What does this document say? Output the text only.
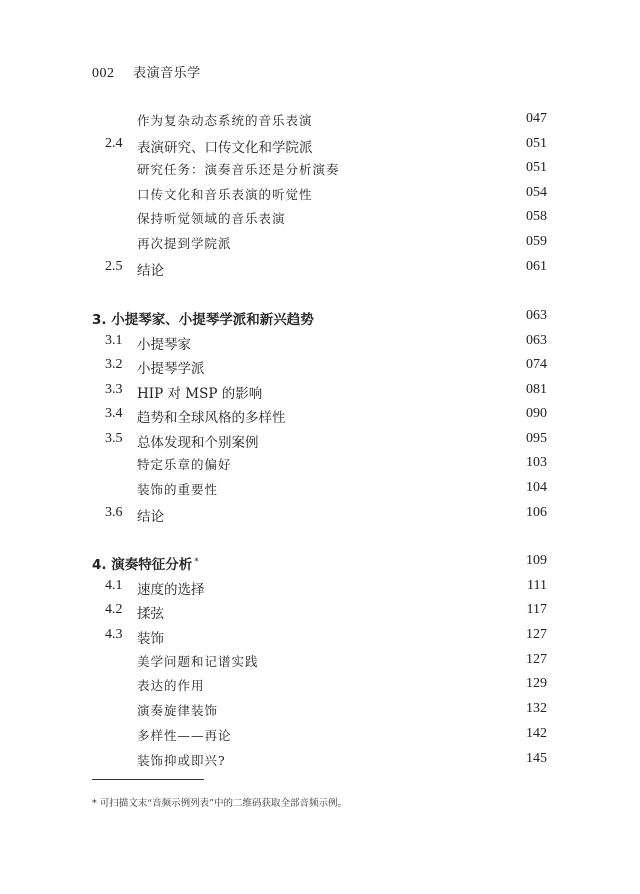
002 表演音乐学
作为复杂动态系统的音乐表演	047
2.4 表演研究、口传文化和学院派	051
研究任务：演奏音乐还是分析演奏	051
口传文化和音乐表演的听觉性	054
保持听觉领域的音乐表演	058
再次提到学院派	059
2.5 结论	061
3. 小提琴家、小提琴学派和新兴趋势	063
3.1 小提琴家	063
3.2 小提琴学派	074
3.3 HIP 对 MSP 的影响	081
3.4 趋势和全球风格的多样性	090
3.5 总体发现和个别案例	095
特定乐章的偏好	103
装饰的重要性	104
3.6 结论	106
4. 演奏特征分析 *	109
4.1 速度的选择	111
4.2 揉弦	117
4.3 装饰	127
美学问题和记谱实践	127
表达的作用	129
演奏旋律装饰	132
多样性——再论	142
装饰抑或即兴?	145
* 可扫描文末“音频示例列表”中的二维码获取全部音频示例。
